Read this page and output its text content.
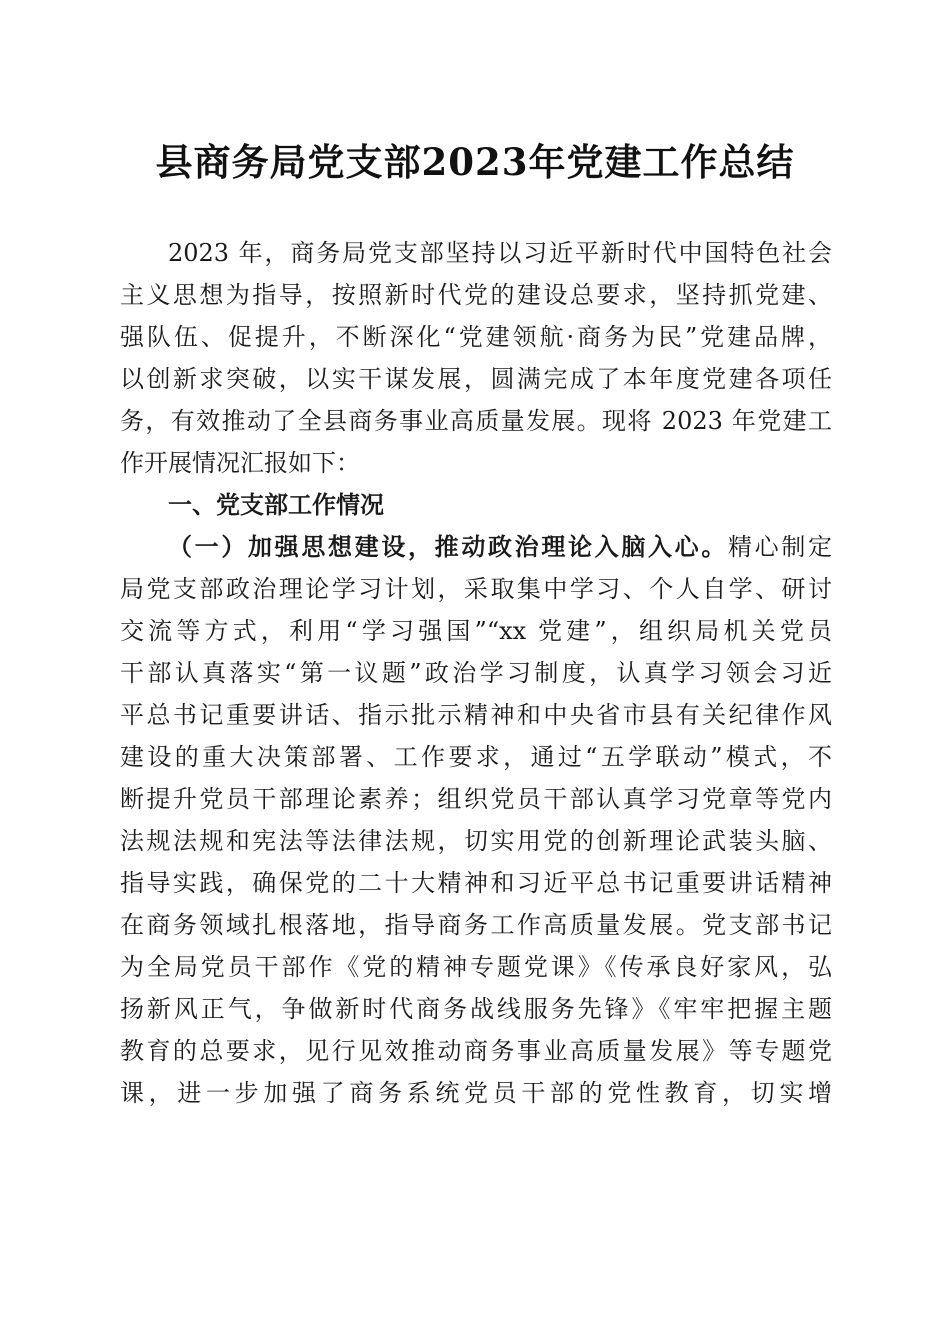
县商务局党支部2023年党建工作总结
2023 年，商务局党支部坚持以习近平新时代中国特色社会
主义思想为指导，按照新时代党的建设总要求，坚持抓党建、
强队伍、促提升，不断深化“党建领航·商务为民”党建品牌，
以创新求突破，以实干谋发展，圆满完成了本年度党建各项任
务，有效推动了全县商务事业高质量发展。现将 2023 年党建工
作开展情况汇报如下：
一、党支部工作情况
（一）加强思想建设，推动政治理论入脑入心。精心制定
局党支部政治理论学习计划，采取集中学习、个人自学、研讨
交流等方式，利用“学习强国”“xx 党建”，组织局机关党员
干部认真落实“第一议题”政治学习制度，认真学习领会习近
平总书记重要讲话、指示批示精神和中央省市县有关纪律作风
建设的重大决策部署、工作要求，通过“五学联动”模式，不
断提升党员干部理论素养；组织党员干部认真学习党章等党内
法规法规和宪法等法律法规，切实用党的创新理论武装头脑、
指导实践，确保党的二十大精神和习近平总书记重要讲话精神
在商务领域扎根落地，指导商务工作高质量发展。党支部书记
为全局党员干部作《党的精神专题党课》《传承良好家风，弘
扬新风正气，争做新时代商务战线服务先锋》《牢牢把握主题
教育的总要求，见行见效推动商务事业高质量发展》等专题党
课，进一步加强了商务系统党员干部的党性教育，切实增
